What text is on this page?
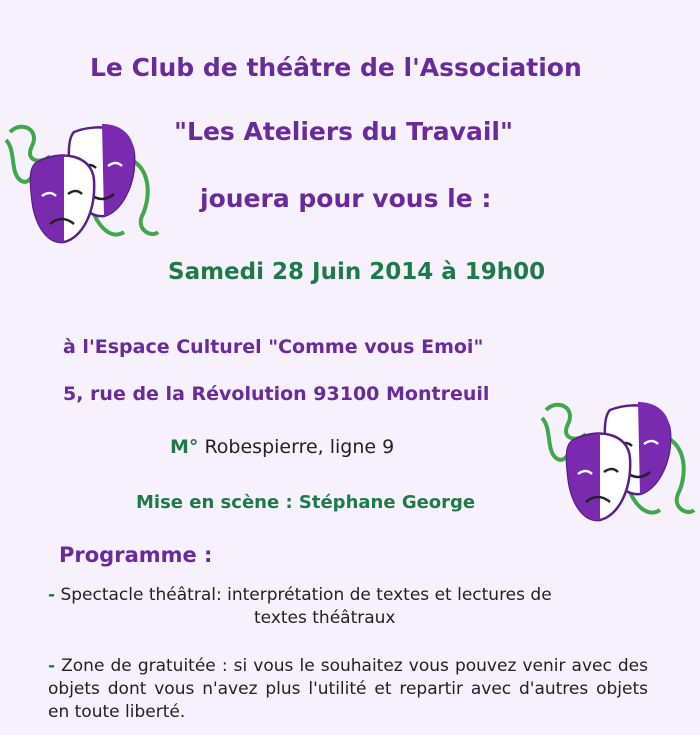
Le Club de théâtre de l'Association
"Les Ateliers du Travail"
jouera pour vous le :
Samedi 28 Juin 2014 à 19h00
à l'Espace Culturel "Comme vous Emoi"
5, rue de la Révolution 93100 Montreuil
M° Robespierre, ligne 9
Mise en scène : Stéphane George
Programme :
- Spectacle théâtral: interprétation de textes et lectures de
textes théâtraux
- Zone de gratuitée : si vous le souhaitez vous pouvez venir avec des objets dont vous n'avez plus l'utilité et repartir avec d'autres objets en toute liberté.
